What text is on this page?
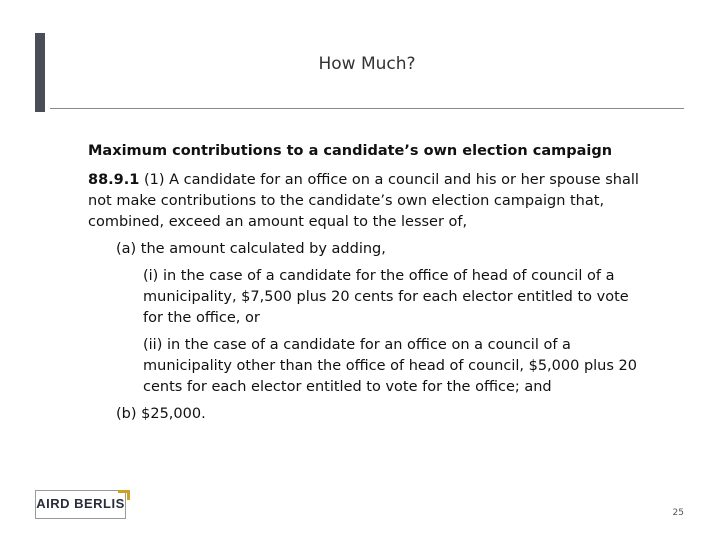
How Much?
Maximum contributions to a candidate’s own election campaign
88.9.1 (1) A candidate for an office on a council and his or her spouse shall not make contributions to the candidate’s own election campaign that, combined, exceed an amount equal to the lesser of,
(a) the amount calculated by adding,
(i) in the case of a candidate for the office of head of council of a municipality, $7,500 plus 20 cents for each elector entitled to vote for the office, or
(ii) in the case of a candidate for an office on a council of a municipality other than the office of head of council, $5,000 plus 20 cents for each elector entitled to vote for the office; and
(b) $25,000.
AIRD BERLIS
25
